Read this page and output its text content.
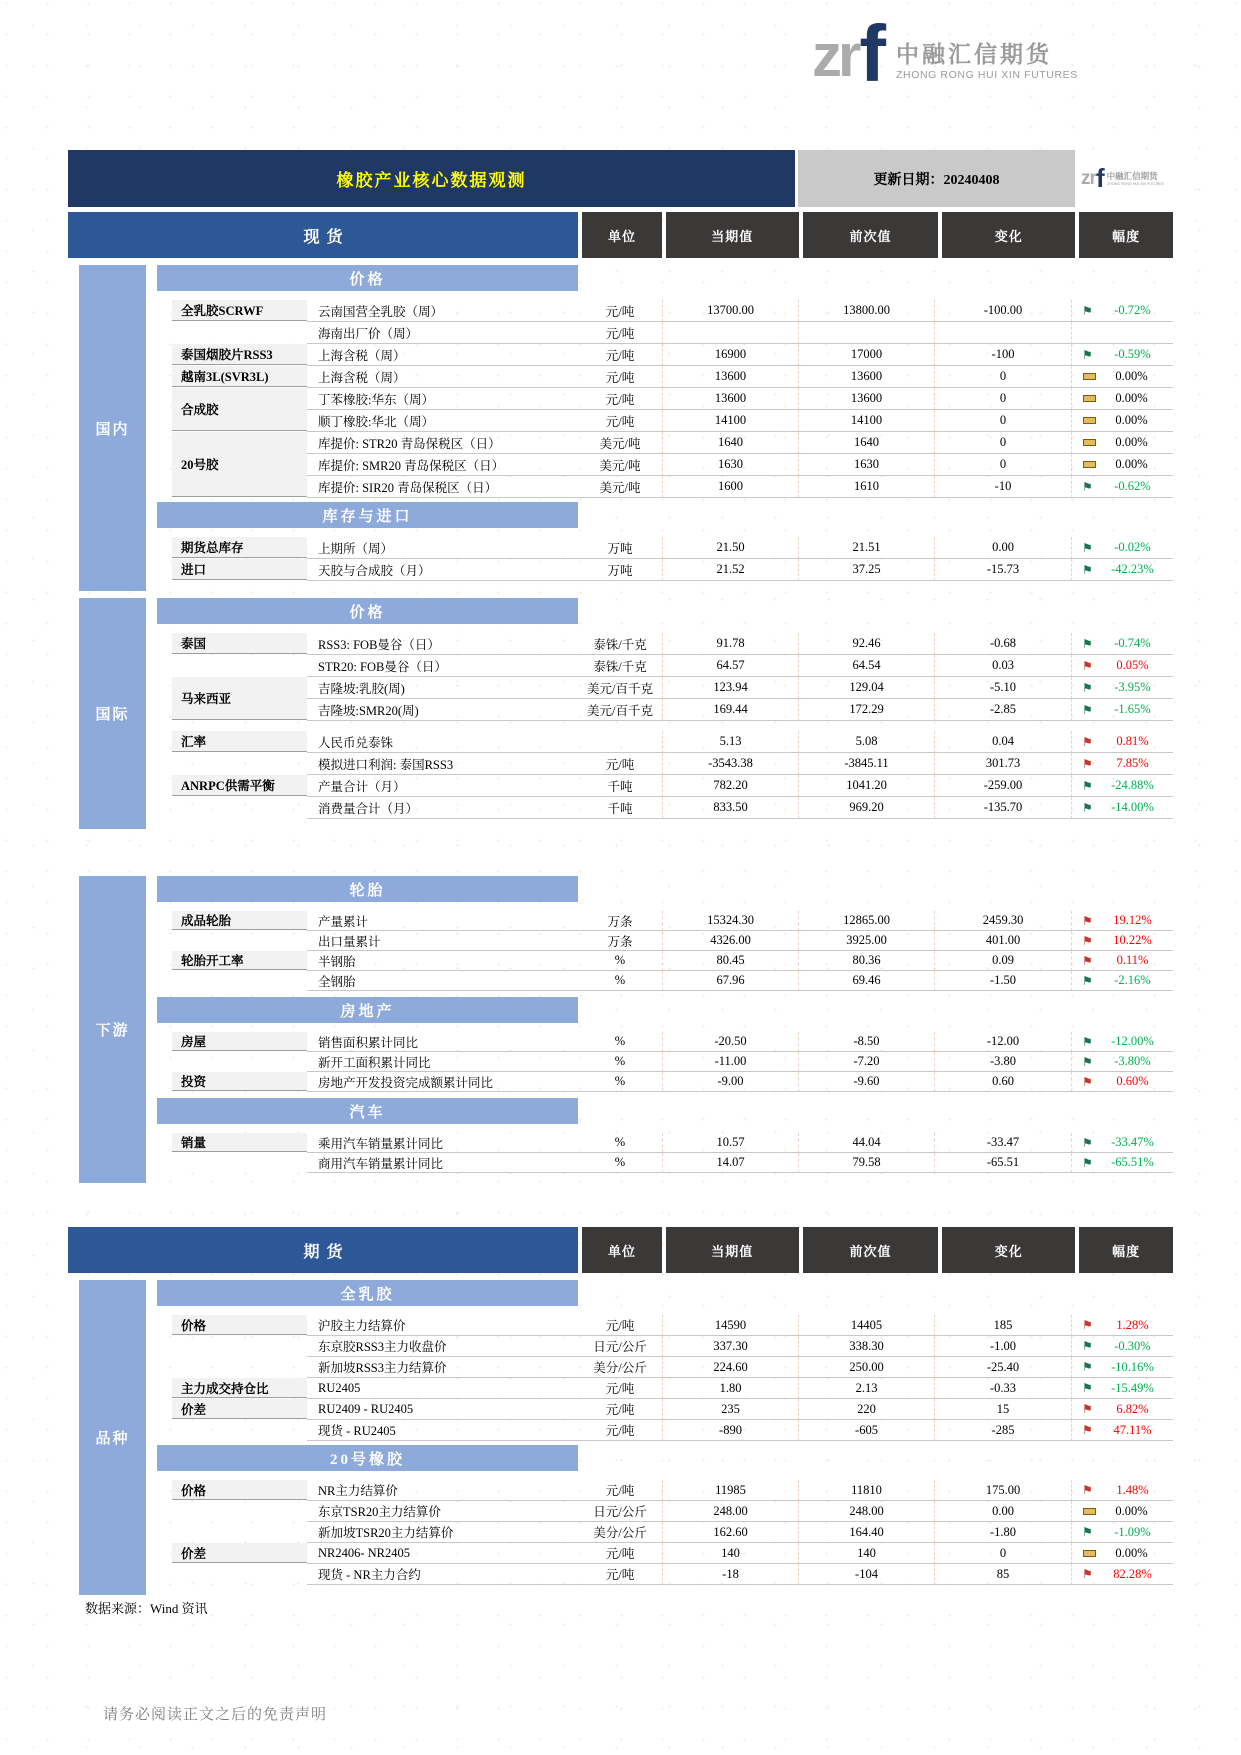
zr f 中融汇信期货
ZHONG RONG HUI XIN FUTURES
橡胶产业核心数据观测	更新日期：20240408	zr f 中融汇信期货
ZHONG RONG HUI XIN FUTURES
现货	单位	当期值	前次值	变化	幅度
国内
价格
全乳胶SCRWF	云南国营全乳胶（周）	元/吨	13700.00	13800.00	-100.00	⚑	-0.72%
海南出厂价（周）	元/吨

泰国烟胶片RSS3	上海含税（周）	元/吨	16900	17000	-100	⚑	-0.59%
越南3L(SVR3L)	上海含税（周）	元/吨	13600	13600	0	0.00%
合成胶
丁苯橡胶:华东（周）	元/吨	13600	13600	0	0.00%
顺丁橡胶:华北（周）	元/吨	14100	14100	0	0.00%
20号胶
库提价: STR20 青岛保税区（日）	美元/吨	1640	1640	0	0.00%
库提价: SMR20 青岛保税区（日）	美元/吨	1630	1630	0	0.00%
库提价: SIR20 青岛保税区（日）	美元/吨	1600	1610	-10	⚑	-0.62%
库存与进口
期货总库存	上期所（周）	万吨	21.50	21.51	0.00	⚑	-0.02%
进口	天胶与合成胶（月）	万吨	21.52	37.25	-15.73	⚑	-42.23%
国际
价格
泰国	RSS3: FOB曼谷（日）	泰铢/千克	91.78	92.46	-0.68	⚑	-0.74%
STR20: FOB曼谷（日）	泰铢/千克	64.57	64.54	0.03	⚑	0.05%
马来西亚
吉隆坡:乳胶(周)	美元/百千克	123.94	129.04	-5.10	⚑	-3.95%
吉隆坡:SMR20(周)	美元/百千克	169.44	172.29	-2.85	⚑	-1.65%
汇率	人民币兑泰铢	5.13	5.08	0.04	⚑	0.81%
模拟进口利润: 泰国RSS3	元/吨	-3543.38	-3845.11	301.73	⚑	7.85%
ANRPC供需平衡	产量合计（月）	千吨	782.20	1041.20	-259.00	⚑	-24.88%
消费量合计（月）	千吨	833.50	969.20	-135.70	⚑	-14.00%
下游
轮胎
成品轮胎	产量累计	万条	15324.30	12865.00	2459.30	⚑	19.12%
出口量累计	万条	4326.00	3925.00	401.00	⚑	10.22%
轮胎开工率	半钢胎	%	80.45	80.36	0.09	⚑	0.11%
全钢胎	%	67.96	69.46	-1.50	⚑	-2.16%
房地产
房屋	销售面积累计同比	%	-20.50	-8.50	-12.00	⚑	-12.00%
新开工面积累计同比	%	-11.00	-7.20	-3.80	⚑	-3.80%
投资	房地产开发投资完成额累计同比	%	-9.00	-9.60	0.60	⚑	0.60%
汽车
销量	乘用汽车销量累计同比	%	10.57	44.04	-33.47	⚑	-33.47%
商用汽车销量累计同比	%	14.07	79.58	-65.51	⚑	-65.51%
期货	单位	当期值	前次值	变化	幅度
品种
全乳胶
价格	沪胶主力结算价	元/吨	14590	14405	185	⚑	1.28%
东京胶RSS3主力收盘价	日元/公斤	337.30	338.30	-1.00	⚑	-0.30%
新加坡RSS3主力结算价	美分/公斤	224.60	250.00	-25.40	⚑	-10.16%
主力成交持仓比	RU2405	元/吨	1.80	2.13	-0.33	⚑	-15.49%
价差	RU2409 - RU2405	元/吨	235	220	15	⚑	6.82%
现货 - RU2405	元/吨	-890	-605	-285	⚑	47.11%
20号橡胶
价格	NR主力结算价	元/吨	11985	11810	175.00	⚑	1.48%
东京TSR20主力结算价	日元/公斤	248.00	248.00	0.00	0.00%
新加坡TSR20主力结算价	美分/公斤	162.60	164.40	-1.80	⚑	-1.09%
价差	NR2406- NR2405	元/吨	140	140	0	0.00%
现货 - NR主力合约	元/吨	-18	-104	85	⚑	82.28%
数据来源：Wind 资讯
请务必阅读正文之后的免责声明
